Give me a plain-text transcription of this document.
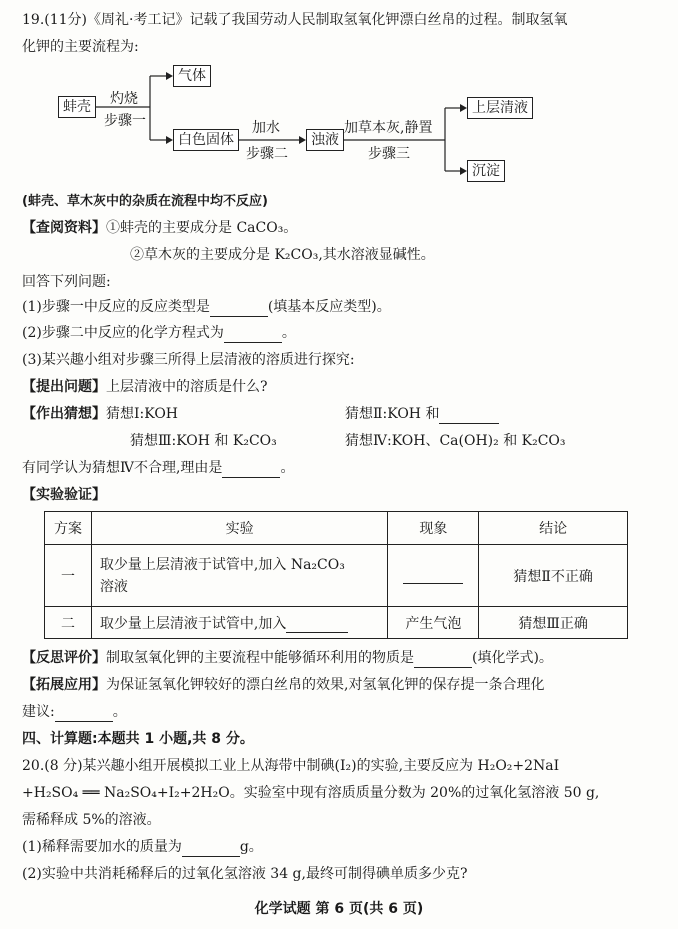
19.(11分)《周礼·考工记》记载了我国劳动人民制取氢氧化钾漂白丝帛的过程。制取氢氧
化钾的主要流程为:
蚌壳	灼烧
步骤一
气体
白色固体
加水
步骤二
浊液
加草本灰,静置
步骤三
上层清液
沉淀
(蚌壳、草木灰中的杂质在流程中均不反应)
【查阅资料】①蚌壳的主要成分是 CaCO₃。
②草木灰的主要成分是 K₂CO₃,其水溶液显碱性。
回答下列问题:
(1)步骤一中反应的反应类型是	(填基本反应类型)。
(2)步骤二中反应的化学方程式为	。
(3)某兴趣小组对步骤三所得上层清液的溶质进行探究:
【提出问题】上层清液中的溶质是什么?
【作出猜想】猜想Ⅰ:KOH	猜想Ⅱ:KOH 和
猜想Ⅲ:KOH 和 K₂CO₃	猜想Ⅳ:KOH、Ca(OH)₂ 和 K₂CO₃
有同学认为猜想Ⅳ不合理,理由是	。
【实验验证】
方案	实验	现象	结论
一	取少量上层清液于试管中,加入 Na₂CO₃
溶液		猜想Ⅱ不正确
二	取少量上层清液于试管中,加入	产生气泡	猜想Ⅲ正确
【反思评价】制取氢氧化钾的主要流程中能够循环利用的物质是	(填化学式)。
【拓展应用】为保证氢氧化钾较好的漂白丝帛的效果,对氢氧化钾的保存提一条合理化
建议:	。
四、计算题:本题共 1 小题,共 8 分。
20.(8 分)某兴趣小组开展模拟工业上从海带中制碘(I₂)的实验,主要反应为 H₂O₂+2NaI
+H₂SO₄ ══ Na₂SO₄+I₂+2H₂O。实验室中现有溶质质量分数为 20%的过氧化氢溶液 50 g,
需稀释成 5%的溶液。
(1)稀释需要加水的质量为	g。
(2)实验中共消耗稀释后的过氧化氢溶液 34 g,最终可制得碘单质多少克?
化学试题 第 6 页(共 6 页)
